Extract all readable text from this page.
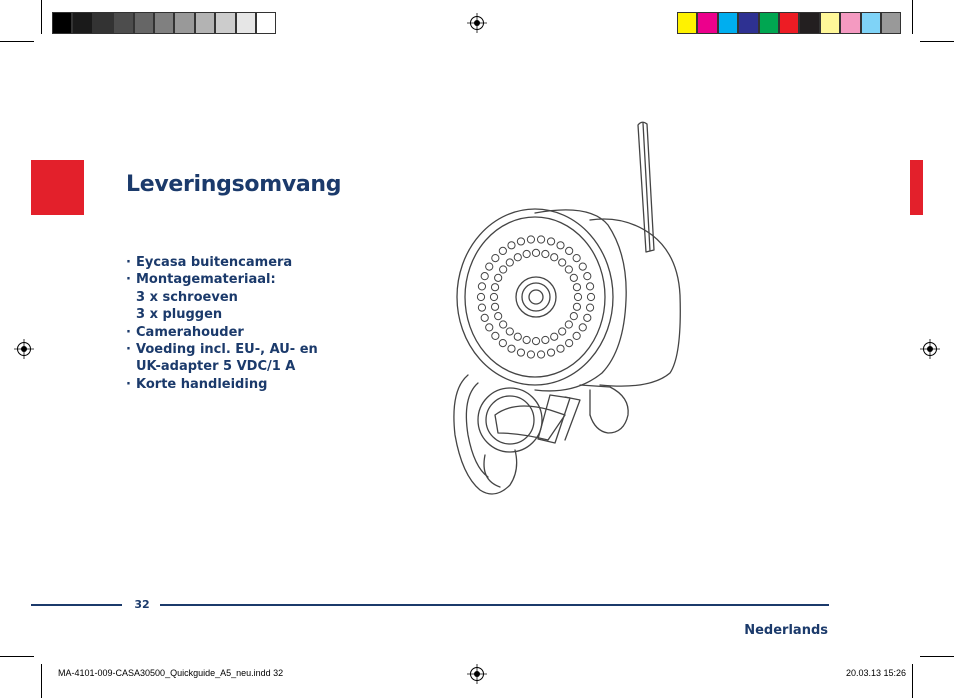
Leveringsomvang
· Eycasa buitencamera
· Montagemateriaal:
3 x schroeven
3 x pluggen
· Camerahouder
· Voeding incl. EU-, AU- en
UK-adapter 5 VDC/1 A
· Korte handleiding
32
Nederlands
MA-4101-009-CASA30500_Quickguide_A5_neu.indd 32	20.03.13 15:26
